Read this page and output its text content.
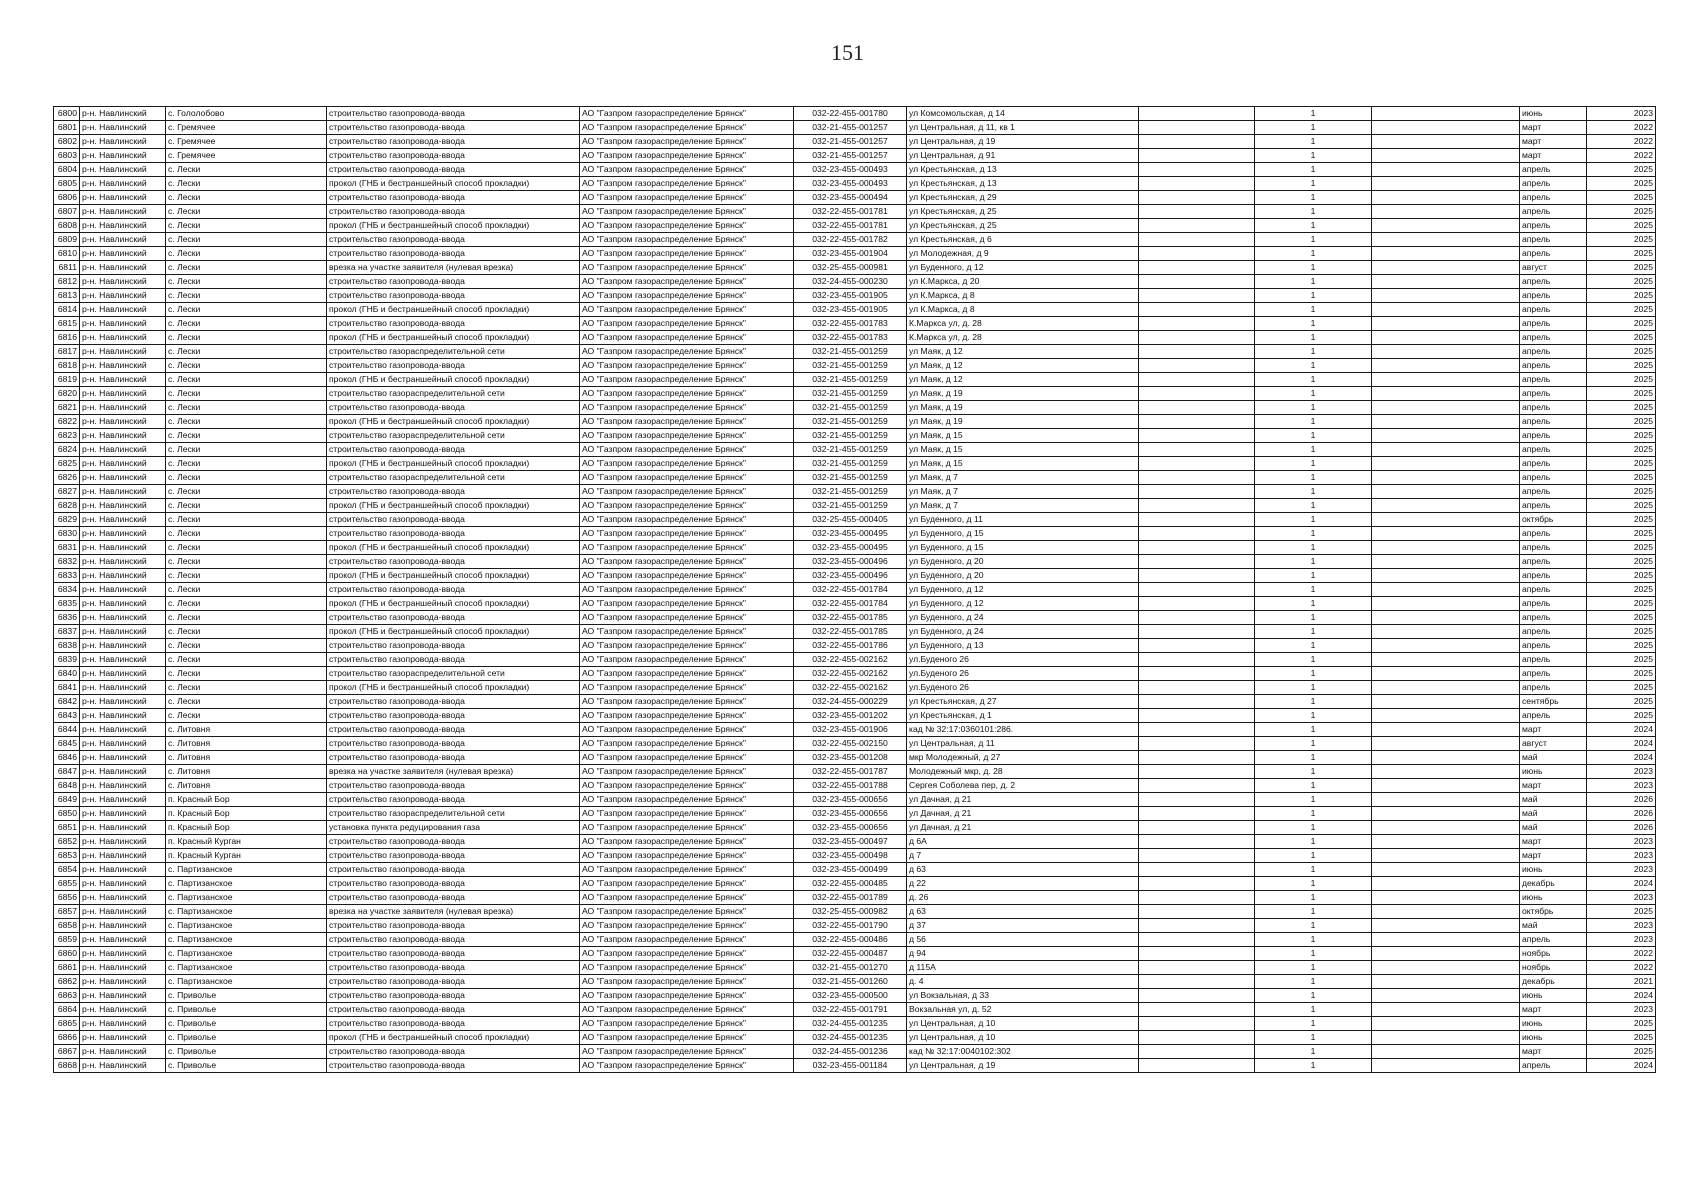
151
6800	р-н. Навлинский	с. Гололобово	строительство газопровода-ввода	АО "Газпром газораспределение Брянск"	032-22-455-001780	ул Комсомольская, д 14		1		июнь	2023
6801	р-н. Навлинский	с. Гремячее	строительство газопровода-ввода	АО "Газпром газораспределение Брянск"	032-21-455-001257	ул Центральная, д 11, кв 1		1		март	2022
6802	р-н. Навлинский	с. Гремячее	строительство газопровода-ввода	АО "Газпром газораспределение Брянск"	032-21-455-001257	ул Центральная, д 19		1		март	2022
6803	р-н. Навлинский	с. Гремячее	строительство газопровода-ввода	АО "Газпром газораспределение Брянск"	032-21-455-001257	ул Центральная, д 91		1		март	2022
6804	р-н. Навлинский	с. Лески	строительство газопровода-ввода	АО "Газпром газораспределение Брянск"	032-23-455-000493	ул Крестьянская, д 13		1		апрель	2025
6805	р-н. Навлинский	с. Лески	прокол (ГНБ и бестраншейный способ прокладки)	АО "Газпром газораспределение Брянск"	032-23-455-000493	ул Крестьянская, д 13		1		апрель	2025
6806	р-н. Навлинский	с. Лески	строительство газопровода-ввода	АО "Газпром газораспределение Брянск"	032-23-455-000494	ул Крестьянская, д 29		1		апрель	2025
6807	р-н. Навлинский	с. Лески	строительство газопровода-ввода	АО "Газпром газораспределение Брянск"	032-22-455-001781	ул Крестьянская, д 25		1		апрель	2025
6808	р-н. Навлинский	с. Лески	прокол (ГНБ и бестраншейный способ прокладки)	АО "Газпром газораспределение Брянск"	032-22-455-001781	ул Крестьянская, д 25		1		апрель	2025
6809	р-н. Навлинский	с. Лески	строительство газопровода-ввода	АО "Газпром газораспределение Брянск"	032-22-455-001782	ул Крестьянская, д 6		1		апрель	2025
6810	р-н. Навлинский	с. Лески	строительство газопровода-ввода	АО "Газпром газораспределение Брянск"	032-23-455-001904	ул Молодежная, д 9		1		апрель	2025
6811	р-н. Навлинский	с. Лески	врезка на участке заявителя (нулевая врезка)	АО "Газпром газораспределение Брянск"	032-25-455-000981	ул Буденного, д 12		1		август	2025
6812	р-н. Навлинский	с. Лески	строительство газопровода-ввода	АО "Газпром газораспределение Брянск"	032-24-455-000230	ул К.Маркса, д 20		1		апрель	2025
6813	р-н. Навлинский	с. Лески	строительство газопровода-ввода	АО "Газпром газораспределение Брянск"	032-23-455-001905	ул К.Маркса, д 8		1		апрель	2025
6814	р-н. Навлинский	с. Лески	прокол (ГНБ и бестраншейный способ прокладки)	АО "Газпром газораспределение Брянск"	032-23-455-001905	ул К.Маркса, д 8		1		апрель	2025
6815	р-н. Навлинский	с. Лески	строительство газопровода-ввода	АО "Газпром газораспределение Брянск"	032-22-455-001783	К.Маркса ул, д. 28		1		апрель	2025
6816	р-н. Навлинский	с. Лески	прокол (ГНБ и бестраншейный способ прокладки)	АО "Газпром газораспределение Брянск"	032-22-455-001783	К.Маркса ул, д. 28		1		апрель	2025
6817	р-н. Навлинский	с. Лески	строительство газораспределительной сети	АО "Газпром газораспределение Брянск"	032-21-455-001259	ул Маяк, д 12		1		апрель	2025
6818	р-н. Навлинский	с. Лески	строительство газопровода-ввода	АО "Газпром газораспределение Брянск"	032-21-455-001259	ул Маяк, д 12		1		апрель	2025
6819	р-н. Навлинский	с. Лески	прокол (ГНБ и бестраншейный способ прокладки)	АО "Газпром газораспределение Брянск"	032-21-455-001259	ул Маяк, д 12		1		апрель	2025
6820	р-н. Навлинский	с. Лески	строительство газораспределительной сети	АО "Газпром газораспределение Брянск"	032-21-455-001259	ул Маяк, д 19		1		апрель	2025
6821	р-н. Навлинский	с. Лески	строительство газопровода-ввода	АО "Газпром газораспределение Брянск"	032-21-455-001259	ул Маяк, д 19		1		апрель	2025
6822	р-н. Навлинский	с. Лески	прокол (ГНБ и бестраншейный способ прокладки)	АО "Газпром газораспределение Брянск"	032-21-455-001259	ул Маяк, д 19		1		апрель	2025
6823	р-н. Навлинский	с. Лески	строительство газораспределительной сети	АО "Газпром газораспределение Брянск"	032-21-455-001259	ул Маяк, д 15		1		апрель	2025
6824	р-н. Навлинский	с. Лески	строительство газопровода-ввода	АО "Газпром газораспределение Брянск"	032-21-455-001259	ул Маяк, д 15		1		апрель	2025
6825	р-н. Навлинский	с. Лески	прокол (ГНБ и бестраншейный способ прокладки)	АО "Газпром газораспределение Брянск"	032-21-455-001259	ул Маяк, д 15		1		апрель	2025
6826	р-н. Навлинский	с. Лески	строительство газораспределительной сети	АО "Газпром газораспределение Брянск"	032-21-455-001259	ул Маяк, д 7		1		апрель	2025
6827	р-н. Навлинский	с. Лески	строительство газопровода-ввода	АО "Газпром газораспределение Брянск"	032-21-455-001259	ул Маяк, д 7		1		апрель	2025
6828	р-н. Навлинский	с. Лески	прокол (ГНБ и бестраншейный способ прокладки)	АО "Газпром газораспределение Брянск"	032-21-455-001259	ул Маяк, д 7		1		апрель	2025
6829	р-н. Навлинский	с. Лески	строительство газопровода-ввода	АО "Газпром газораспределение Брянск"	032-25-455-000405	ул Буденного, д 11		1		октябрь	2025
6830	р-н. Навлинский	с. Лески	строительство газопровода-ввода	АО "Газпром газораспределение Брянск"	032-23-455-000495	ул Буденного, д 15		1		апрель	2025
6831	р-н. Навлинский	с. Лески	прокол (ГНБ и бестраншейный способ прокладки)	АО "Газпром газораспределение Брянск"	032-23-455-000495	ул Буденного, д 15		1		апрель	2025
6832	р-н. Навлинский	с. Лески	строительство газопровода-ввода	АО "Газпром газораспределение Брянск"	032-23-455-000496	ул Буденного, д 20		1		апрель	2025
6833	р-н. Навлинский	с. Лески	прокол (ГНБ и бестраншейный способ прокладки)	АО "Газпром газораспределение Брянск"	032-23-455-000496	ул Буденного, д 20		1		апрель	2025
6834	р-н. Навлинский	с. Лески	строительство газопровода-ввода	АО "Газпром газораспределение Брянск"	032-22-455-001784	ул Буденного, д 12		1		апрель	2025
6835	р-н. Навлинский	с. Лески	прокол (ГНБ и бестраншейный способ прокладки)	АО "Газпром газораспределение Брянск"	032-22-455-001784	ул Буденного, д 12		1		апрель	2025
6836	р-н. Навлинский	с. Лески	строительство газопровода-ввода	АО "Газпром газораспределение Брянск"	032-22-455-001785	ул Буденного, д 24		1		апрель	2025
6837	р-н. Навлинский	с. Лески	прокол (ГНБ и бестраншейный способ прокладки)	АО "Газпром газораспределение Брянск"	032-22-455-001785	ул Буденного, д 24		1		апрель	2025
6838	р-н. Навлинский	с. Лески	строительство газопровода-ввода	АО "Газпром газораспределение Брянск"	032-22-455-001786	ул Буденного, д 13		1		апрель	2025
6839	р-н. Навлинский	с. Лески	строительство газопровода-ввода	АО "Газпром газораспределение Брянск"	032-22-455-002162	ул.Буденого 26		1		апрель	2025
6840	р-н. Навлинский	с. Лески	строительство газораспределительной сети	АО "Газпром газораспределение Брянск"	032-22-455-002162	ул.Буденого 26		1		апрель	2025
6841	р-н. Навлинский	с. Лески	прокол (ГНБ и бестраншейный способ прокладки)	АО "Газпром газораспределение Брянск"	032-22-455-002162	ул.Буденого 26		1		апрель	2025
6842	р-н. Навлинский	с. Лески	строительство газопровода-ввода	АО "Газпром газораспределение Брянск"	032-24-455-000229	ул Крестьянская, д 27		1		сентябрь	2025
6843	р-н. Навлинский	с. Лески	строительство газопровода-ввода	АО "Газпром газораспределение Брянск"	032-23-455-001202	ул Крестьянская, д 1		1		апрель	2025
6844	р-н. Навлинский	с. Литовня	строительство газопровода-ввода	АО "Газпром газораспределение Брянск"	032-23-455-001906	кад № 32:17:0360101:286.		1		март	2024
6845	р-н. Навлинский	с. Литовня	строительство газопровода-ввода	АО "Газпром газораспределение Брянск"	032-22-455-002150	ул Центральная, д 11		1		август	2024
6846	р-н. Навлинский	с. Литовня	строительство газопровода-ввода	АО "Газпром газораспределение Брянск"	032-23-455-001208	мкр Молодежный, д 27		1		май	2024
6847	р-н. Навлинский	с. Литовня	врезка на участке заявителя (нулевая врезка)	АО "Газпром газораспределение Брянск"	032-22-455-001787	Молодежный мкр, д. 28		1		июнь	2023
6848	р-н. Навлинский	с. Литовня	строительство газопровода-ввода	АО "Газпром газораспределение Брянск"	032-22-455-001788	Сергея Соболева пер, д. 2		1		март	2023
6849	р-н. Навлинский	п. Красный Бор	строительство газопровода-ввода	АО "Газпром газораспределение Брянск"	032-23-455-000656	ул Дачная, д 21		1		май	2026
6850	р-н. Навлинский	п. Красный Бор	строительство газораспределительной сети	АО "Газпром газораспределение Брянск"	032-23-455-000656	ул Дачная, д 21		1		май	2026
6851	р-н. Навлинский	п. Красный Бор	установка пункта редуцирования газа	АО "Газпром газораспределение Брянск"	032-23-455-000656	ул Дачная, д 21		1		май	2026
6852	р-н. Навлинский	п. Красный Курган	строительство газопровода-ввода	АО "Газпром газораспределение Брянск"	032-23-455-000497	д 6А		1		март	2023
6853	р-н. Навлинский	п. Красный Курган	строительство газопровода-ввода	АО "Газпром газораспределение Брянск"	032-23-455-000498	д 7		1		март	2023
6854	р-н. Навлинский	с. Партизанское	строительство газопровода-ввода	АО "Газпром газораспределение Брянск"	032-23-455-000499	д 63		1		июнь	2023
6855	р-н. Навлинский	с. Партизанское	строительство газопровода-ввода	АО "Газпром газораспределение Брянск"	032-22-455-000485	д 22		1		декабрь	2024
6856	р-н. Навлинский	с. Партизанское	строительство газопровода-ввода	АО "Газпром газораспределение Брянск"	032-22-455-001789	д. 26		1		июнь	2023
6857	р-н. Навлинский	с. Партизанское	врезка на участке заявителя (нулевая врезка)	АО "Газпром газораспределение Брянск"	032-25-455-000982	д 63		1		октябрь	2025
6858	р-н. Навлинский	с. Партизанское	строительство газопровода-ввода	АО "Газпром газораспределение Брянск"	032-22-455-001790	д 37		1		май	2023
6859	р-н. Навлинский	с. Партизанское	строительство газопровода-ввода	АО "Газпром газораспределение Брянск"	032-22-455-000486	д 56		1		апрель	2023
6860	р-н. Навлинский	с. Партизанское	строительство газопровода-ввода	АО "Газпром газораспределение Брянск"	032-22-455-000487	д 94		1		ноябрь	2022
6861	р-н. Навлинский	с. Партизанское	строительство газопровода-ввода	АО "Газпром газораспределение Брянск"	032-21-455-001270	д 115А		1		ноябрь	2022
6862	р-н. Навлинский	с. Партизанское	строительство газопровода-ввода	АО "Газпром газораспределение Брянск"	032-21-455-001260	д. 4		1		декабрь	2021
6863	р-н. Навлинский	с. Приволье	строительство газопровода-ввода	АО "Газпром газораспределение Брянск"	032-23-455-000500	ул Вокзальная, д 33		1		июнь	2024
6864	р-н. Навлинский	с. Приволье	строительство газопровода-ввода	АО "Газпром газораспределение Брянск"	032-22-455-001791	Вокзальная ул, д. 52		1		март	2023
6865	р-н. Навлинский	с. Приволье	строительство газопровода-ввода	АО "Газпром газораспределение Брянск"	032-24-455-001235	ул Центральная, д 10		1		июнь	2025
6866	р-н. Навлинский	с. Приволье	прокол (ГНБ и бестраншейный способ прокладки)	АО "Газпром газораспределение Брянск"	032-24-455-001235	ул Центральная, д 10		1		июнь	2025
6867	р-н. Навлинский	с. Приволье	строительство газопровода-ввода	АО "Газпром газораспределение Брянск"	032-24-455-001236	кад № 32:17:0040102:302		1		март	2025
6868	р-н. Навлинский	с. Приволье	строительство газопровода-ввода	АО "Газпром газораспределение Брянск"	032-23-455-001184	ул Центральная, д 19		1		апрель	2024
